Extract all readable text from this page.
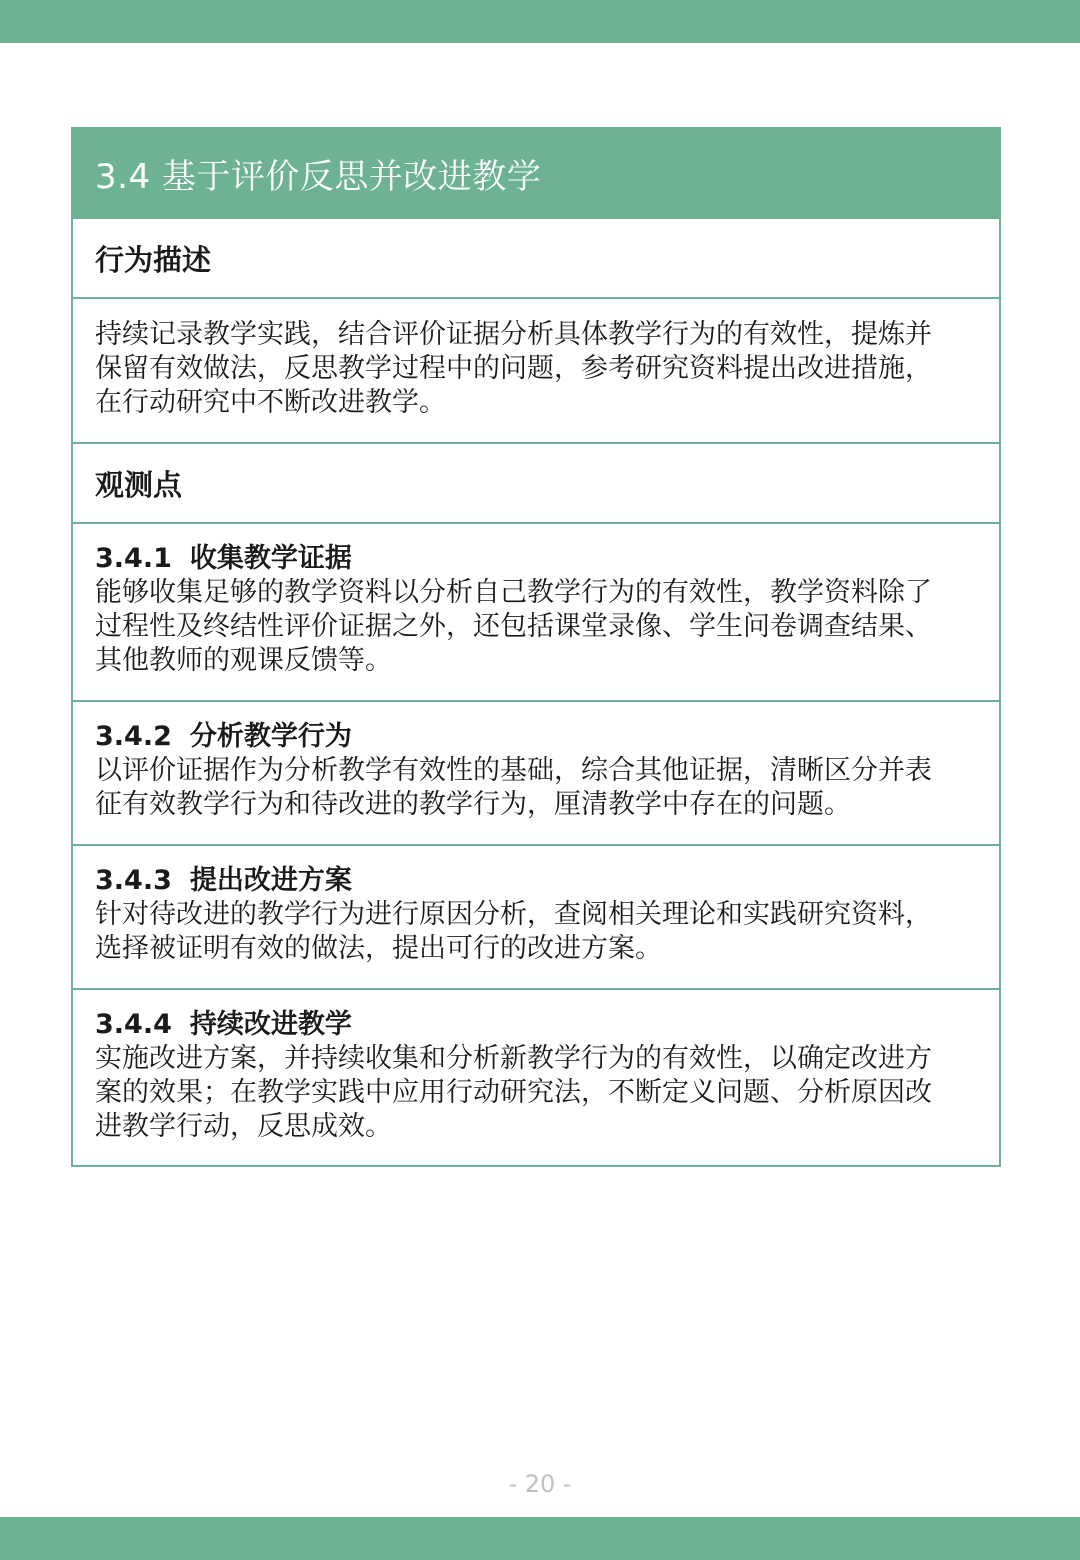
3.4 基于评价反思并改进教学
行为描述
持续记录教学实践，结合评价证据分析具体教学行为的有效性，提炼并
保留有效做法，反思教学过程中的问题，参考研究资料提出改进措施，
在行动研究中不断改进教学。
观测点
3.4.1 收集教学证据
能够收集足够的教学资料以分析自己教学行为的有效性，教学资料除了
过程性及终结性评价证据之外，还包括课堂录像、学生问卷调查结果、
其他教师的观课反馈等。
3.4.2 分析教学行为
以评价证据作为分析教学有效性的基础，综合其他证据，清晰区分并表
征有效教学行为和待改进的教学行为，厘清教学中存在的问题。
3.4.3 提出改进方案
针对待改进的教学行为进行原因分析，查阅相关理论和实践研究资料，
选择被证明有效的做法，提出可行的改进方案。
3.4.4 持续改进教学
实施改进方案，并持续收集和分析新教学行为的有效性，以确定改进方
案的效果；在教学实践中应用行动研究法，不断定义问题、分析原因改
进教学行动，反思成效。
- 20 -
